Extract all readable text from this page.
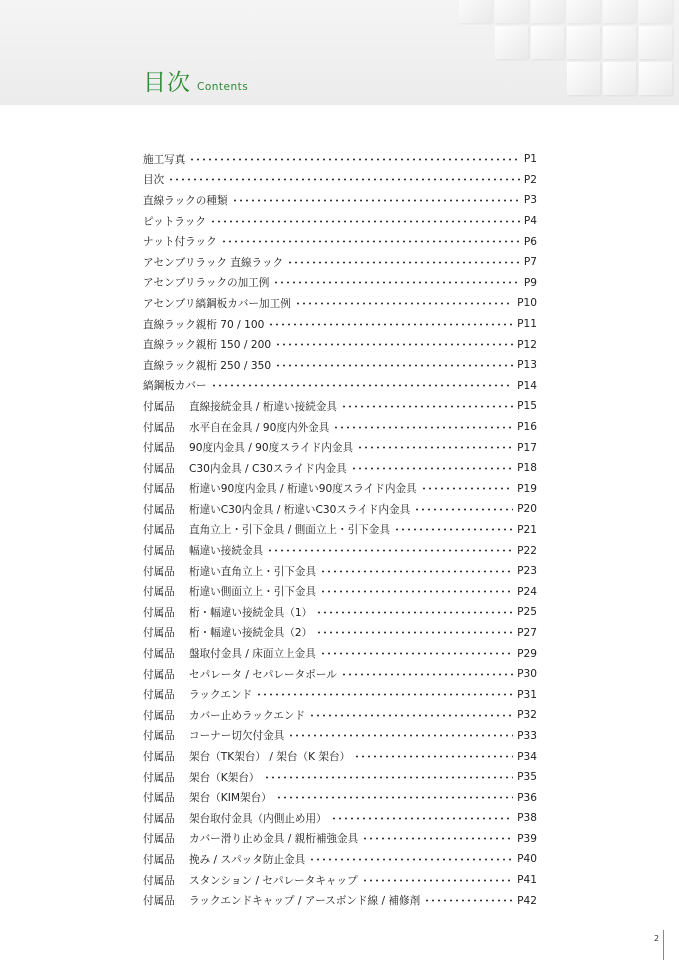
目次 Contents
施工写真	P1
目次	P2
直線ラックの種類	P3
ピットラック	P4
ナット付ラック	P6
アセンブリラック 直線ラック	P7
アセンブリラックの加工例	P9
アセンブリ縞鋼板カバー加工例	P10
直線ラック親桁 70 / 100	P11
直線ラック親桁 150 / 200	P12
直線ラック親桁 250 / 350	P13
縞鋼板カバー	P14
付属品	直線接続金具 / 桁違い接続金具	P15
付属品	水平自在金具 / 90度内外金具	P16
付属品	90度内金具 / 90度スライド内金具	P17
付属品	C30内金具 / C30スライド内金具	P18
付属品	桁違い90度内金具 / 桁違い90度スライド内金具	P19
付属品	桁違いC30内金具 / 桁違いC30スライド内金具	P20
付属品	直角立上・引下金具 / 側面立上・引下金具	P21
付属品	幅違い接続金具	P22
付属品	桁違い直角立上・引下金具	P23
付属品	桁違い側面立上・引下金具	P24
付属品	桁・幅違い接続金具（1）	P25
付属品	桁・幅違い接続金具（2）	P27
付属品	盤取付金具 / 床面立上金具	P29
付属品	セパレータ / セパレータポール	P30
付属品	ラックエンド	P31
付属品	カバー止めラックエンド	P32
付属品	コーナー切欠付金具	P33
付属品	架台（TK架台） / 架台（K 架台）	P34
付属品	架台（K架台）	P35
付属品	架台（KIM架台）	P36
付属品	架台取付金具（内側止め用）	P38
付属品	カバー滑り止め金具 / 親桁補強金具	P39
付属品	挽み / スパッタ防止金具	P40
付属品	スタンション / セパレータキャップ	P41
付属品	ラックエンドキャップ / アースボンド線 / 補修剤	P42
2
